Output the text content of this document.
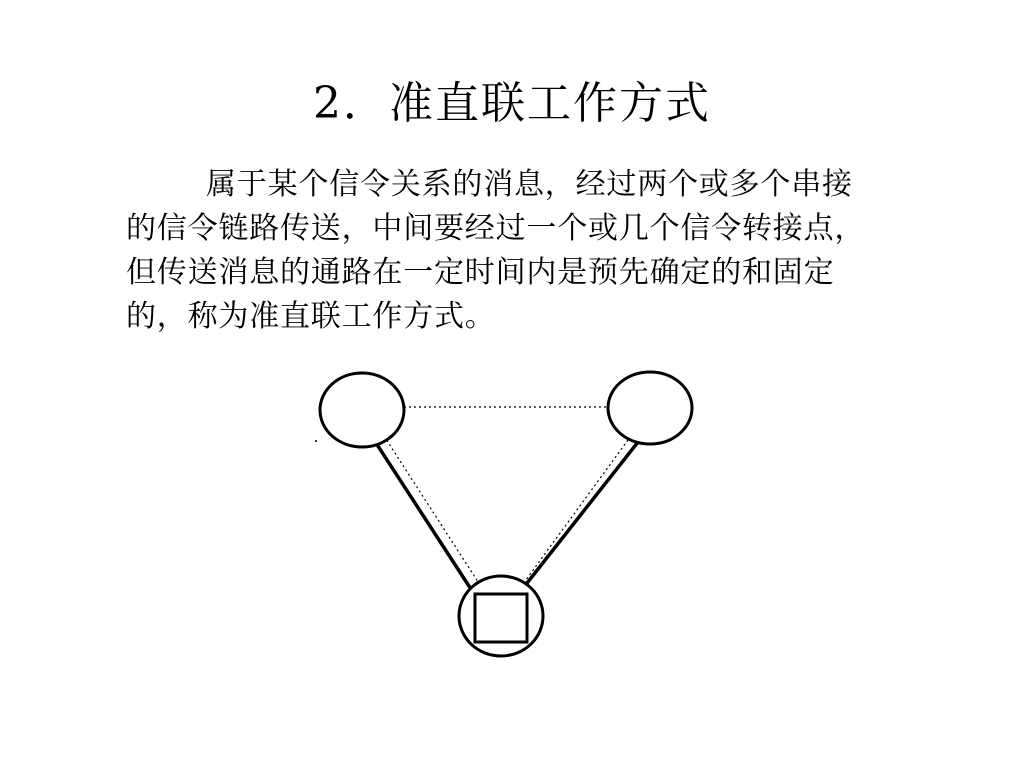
2．准直联工作方式
属于某个信令关系的消息，经过两个或多个串接
的信令链路传送，中间要经过一个或几个信令转接点，
但传送消息的通路在一定时间内是预先确定的和固定
的，称为准直联工作方式。
